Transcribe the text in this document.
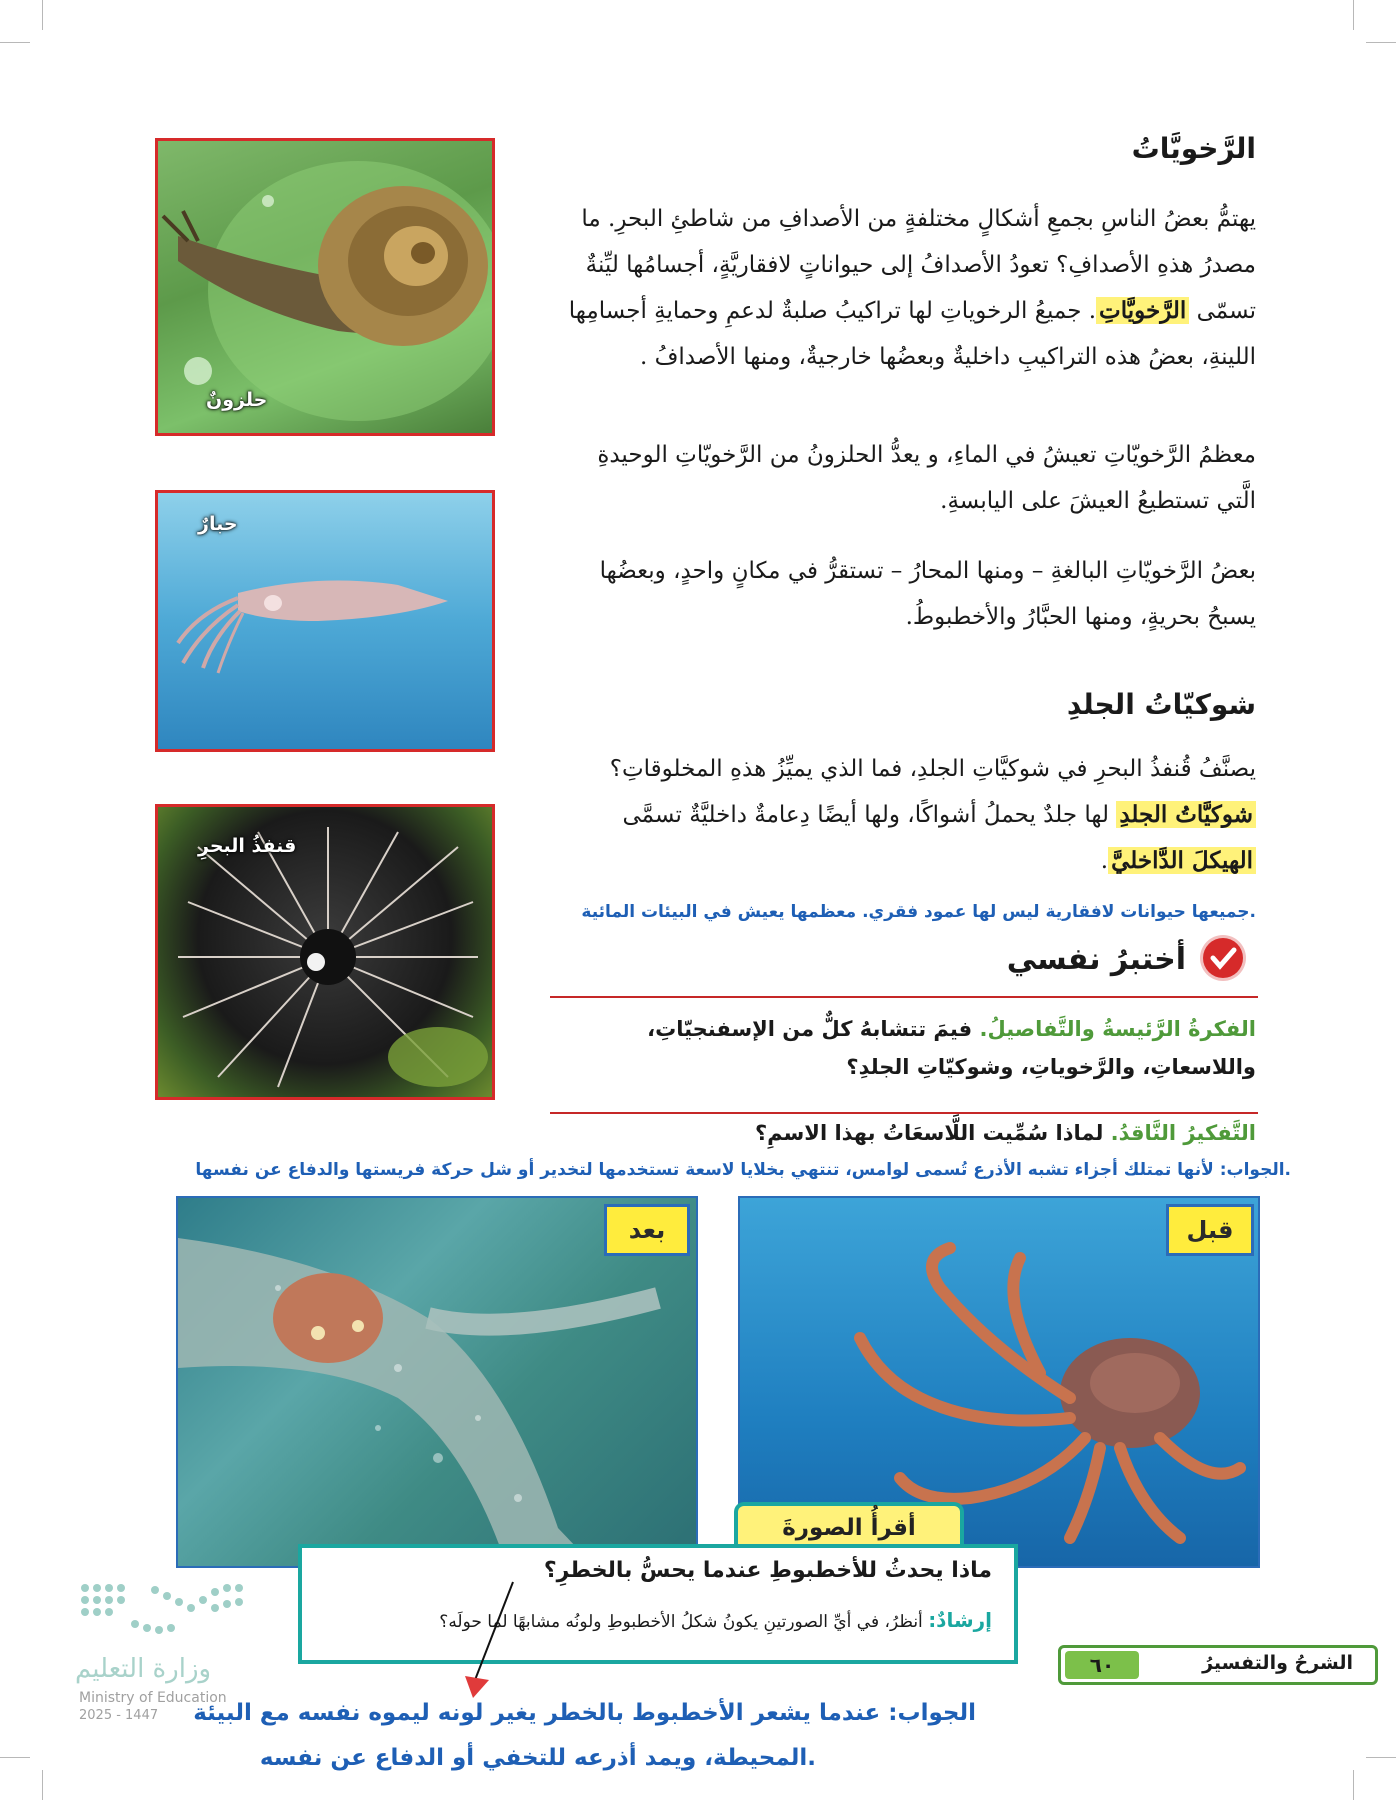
الرَّخويَّاتُ
يهتمُّ بعضُ الناسِ بجمعِ أشكالٍ مختلفةٍ من الأصدافِ من شاطئِ البحرِ. ما
مصدرُ هذهِ الأصدافِ؟ تعودُ الأصدافُ إلى حيواناتٍ لافقاريَّةٍ، أجسامُها ليِّنةٌ
تسمّى الرَّخويَّاتِ. جميعُ الرخوياتِ لها تراكيبُ صلبةٌ لدعمِ وحمايةِ أجسامِها
اللينةِ، بعضُ هذه التراكيبِ داخليةٌ وبعضُها خارجيةٌ، ومنها الأصدافُ .
معظمُ الرَّخويّاتِ تعيشُ في الماءِ، و يعدُّ الحلزونُ من الرَّخويّاتِ الوحيدةِ
الَّتي تستطيعُ العيشَ على اليابسةِ.
بعضُ الرَّخويّاتِ البالغةِ – ومنها المحارُ – تستقرُّ في مكانٍ واحدٍ، وبعضُها
يسبحُ بحريةٍ، ومنها الحبَّارُ والأخطبوطُ.
شوكيّاتُ الجلدِ
يصنَّفُ قُنفذُ البحرِ في شوكيَّاتِ الجلدِ، فما الذي يميِّزُ هذهِ المخلوقاتِ؟
شوكيَّاتُ الجلدِ لها جلدٌ يحملُ أشواكًا، ولها أيضًا دِعامةٌ داخليَّةٌ تسمَّى
الهيكلَ الدَّاخليَّ.
.جميعها حيوانات لافقارية ليس لها عمود فقري. معظمها يعيش في البيئات المائية
حلزونٌ
حبارٌ
قنفذُ البحرِ
أختبرُ نفسي
الفكرةُ الرَّئيسةُ والتَّفاصيلُ. فيمَ تتشابهُ كلٌّ من الإسفنجيّاتِ،
واللاسعاتِ، والرَّخوياتِ، وشوكيّاتِ الجلدِ؟
التَّفكيرُ النَّاقدُ. لماذا سُمِّيت اللَّاسعَاتُ بهذا الاسمِ؟
.الجواب: لأنها تمتلك أجزاء تشبه الأذرع تُسمى لوامس، تنتهي بخلايا لاسعة تستخدمها لتخدير أو شل حركة فريستها والدفاع عن نفسها
بعد	قبل
أقرأُ الصورةَ
ماذا يحدثُ للأخطبوطِ عندما يحسُّ بالخطرِ؟
إرشادٌ: أنظرُ، في أيِّ الصورتينِ يكونُ شكلُ الأخطبوطِ ولونُه مشابهًا لما حولَه؟
الشرحُ والتفسيرُ
٦٠
وزارة التعليم
Ministry of Education
2025 - 1447	الجواب: عندما يشعر الأخطبوط بالخطر يغير لونه ليموه نفسه مع البيئة
.المحيطة، ويمد أذرعه للتخفي أو الدفاع عن نفسه
